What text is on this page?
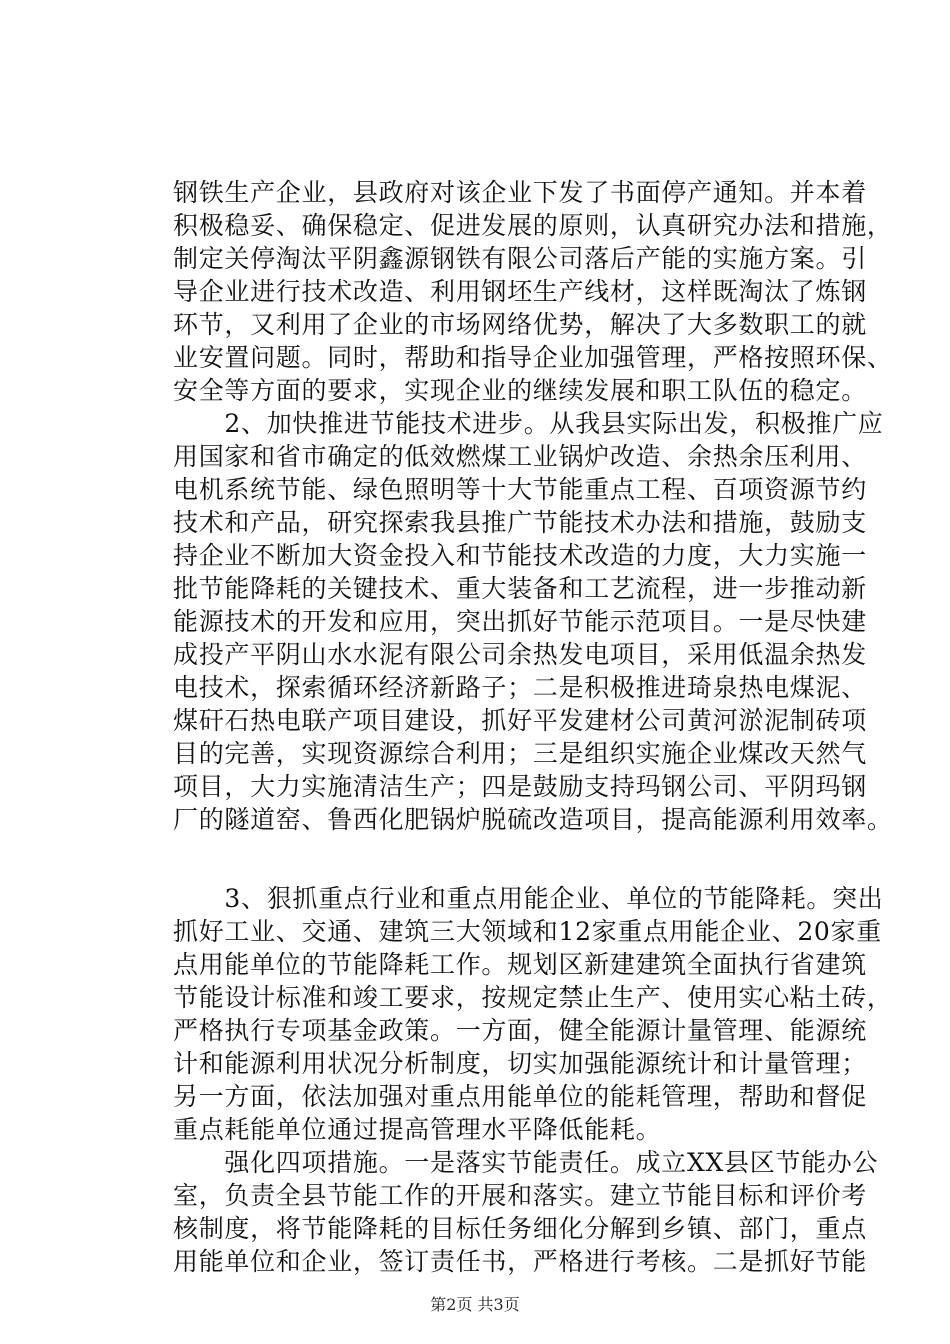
钢铁生产企业，县政府对该企业下发了书面停产通知。并本着
积极稳妥、确保稳定、促进发展的原则，认真研究办法和措施，
制定关停淘汰平阴鑫源钢铁有限公司落后产能的实施方案。引
导企业进行技术改造、利用钢坯生产线材，这样既淘汰了炼钢
环节，又利用了企业的市场网络优势，解决了大多数职工的就
业安置问题。同时，帮助和指导企业加强管理，严格按照环保、
安全等方面的要求，实现企业的继续发展和职工队伍的稳定。
　　2、加快推进节能技术进步。从我县实际出发，积极推广应
用国家和省市确定的低效燃煤工业锅炉改造、余热余压利用、
电机系统节能、绿色照明等十大节能重点工程、百项资源节约
技术和产品，研究探索我县推广节能技术办法和措施，鼓励支
持企业不断加大资金投入和节能技术改造的力度，大力实施一
批节能降耗的关键技术、重大装备和工艺流程，进一步推动新
能源技术的开发和应用，突出抓好节能示范项目。一是尽快建
成投产平阴山水水泥有限公司余热发电项目，采用低温余热发
电技术，探索循环经济新路子；二是积极推进琦泉热电煤泥、
煤矸石热电联产项目建设，抓好平发建材公司黄河淤泥制砖项
目的完善，实现资源综合利用；三是组织实施企业煤改天然气
项目，大力实施清洁生产；四是鼓励支持玛钢公司、平阴玛钢
厂的隧道窑、鲁西化肥锅炉脱硫改造项目，提高能源利用效率。
　　3、狠抓重点行业和重点用能企业、单位的节能降耗。突出
抓好工业、交通、建筑三大领域和12家重点用能企业、20家重
点用能单位的节能降耗工作。规划区新建建筑全面执行省建筑
节能设计标准和竣工要求，按规定禁止生产、使用实心粘土砖，
严格执行专项基金政策。一方面，健全能源计量管理、能源统
计和能源利用状况分析制度，切实加强能源统计和计量管理；
另一方面，依法加强对重点用能单位的能耗管理，帮助和督促
重点耗能单位通过提高管理水平降低能耗。
　　强化四项措施。一是落实节能责任。成立XX县区节能办公
室，负责全县节能工作的开展和落实。建立节能目标和评价考
核制度，将节能降耗的目标任务细化分解到乡镇、部门，重点
用能单位和企业，签订责任书，严格进行考核。二是抓好节能
第2页 共3页
